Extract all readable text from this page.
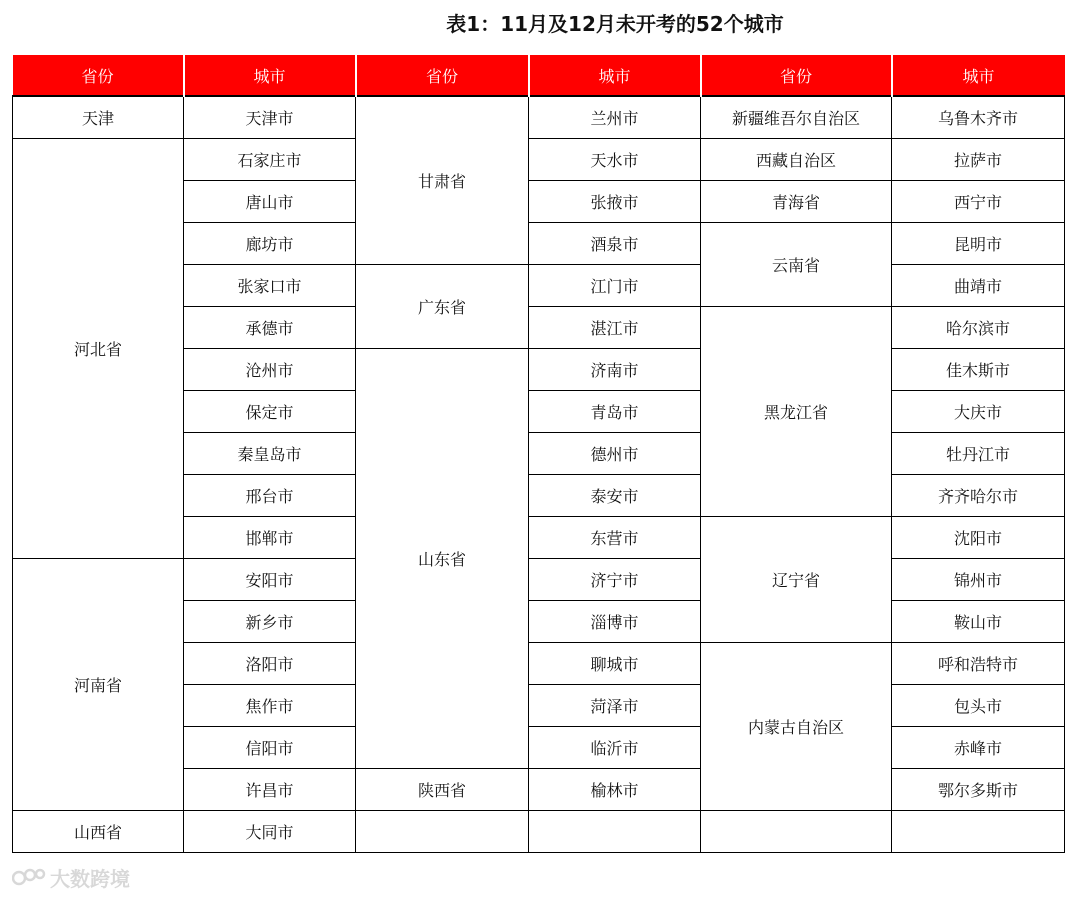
表1：11月及12月未开考的52个城市
省份	城市	省份	城市	省份	城市
天津	天津市	甘肃省	兰州市	新疆维吾尔自治区	乌鲁木齐市
河北省	石家庄市		天水市	西藏自治区	拉萨市
	唐山市		张掖市	青海省	西宁市
	廊坊市		酒泉市	云南省	昆明市
	张家口市	广东省	江门市		曲靖市
	承德市		湛江市	黑龙江省	哈尔滨市
	沧州市	山东省	济南市		佳木斯市
	保定市		青岛市		大庆市
	秦皇岛市		德州市		牡丹江市
	邢台市		泰安市		齐齐哈尔市
	邯郸市		东营市	辽宁省	沈阳市
河南省	安阳市		济宁市		锦州市
	新乡市		淄博市		鞍山市
	洛阳市		聊城市	内蒙古自治区	呼和浩特市
	焦作市		菏泽市		包头市
	信阳市		临沂市		赤峰市
	许昌市	陕西省	榆林市		鄂尔多斯市
山西省	大同市				
大数跨境
